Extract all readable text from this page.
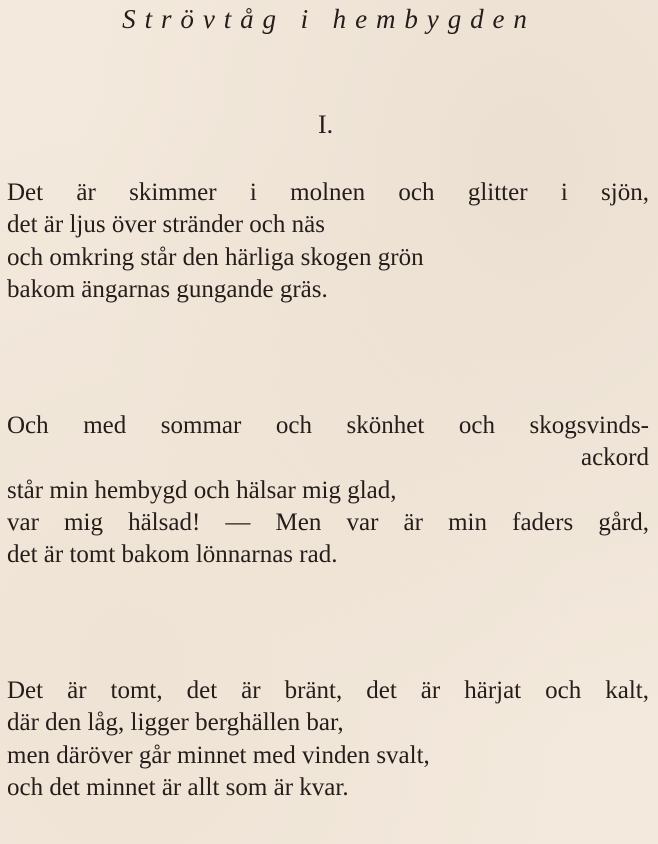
Strövtåg i hembygden
I.
Det är skimmer i molnen och glitter i sjön,
det är ljus över stränder och näs
och omkring står den härliga skogen grön
bakom ängarnas gungande gräs.
Och med sommar och skönhet och skogsvinds-
ackord
står min hembygd och hälsar mig glad,
var mig hälsad! — Men var är min faders gård,
det är tomt bakom lönnarnas rad.
Det är tomt, det är bränt, det är härjat och kalt,
där den låg, ligger berghällen bar,
men däröver går minnet med vinden svalt,
och det minnet är allt som är kvar.
